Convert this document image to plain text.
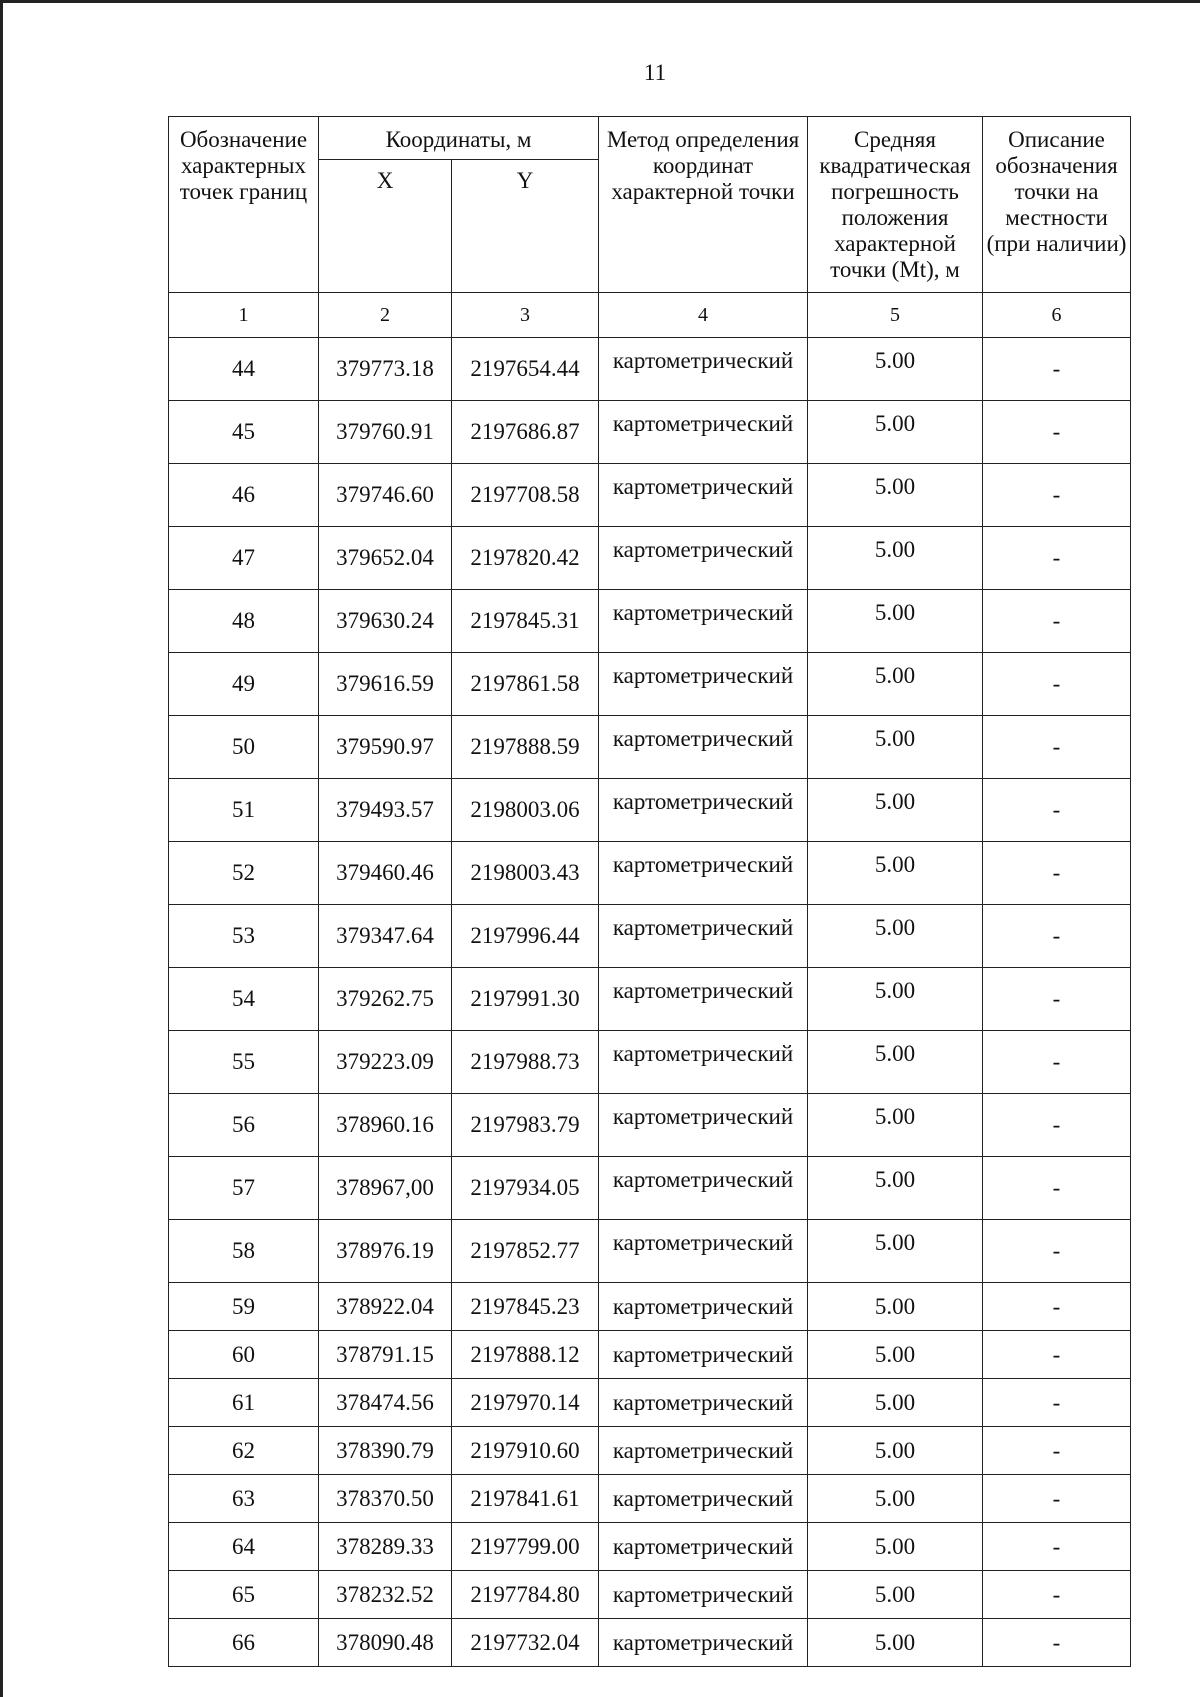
11
Обозначение характерных точек границ	Координаты, м		Метод определения координат характерной точки	Средняя квадратическая погрешность положения характерной точки (Mt), м	Описание обозначения точки на местности (при наличии)
	X	Y			
1	2	3	4	5	6
44	379773.18	2197654.44	картометрический	5.00	-
45	379760.91	2197686.87	картометрический	5.00	-
46	379746.60	2197708.58	картометрический	5.00	-
47	379652.04	2197820.42	картометрический	5.00	-
48	379630.24	2197845.31	картометрический	5.00	-
49	379616.59	2197861.58	картометрический	5.00	-
50	379590.97	2197888.59	картометрический	5.00	-
51	379493.57	2198003.06	картометрический	5.00	-
52	379460.46	2198003.43	картометрический	5.00	-
53	379347.64	2197996.44	картометрический	5.00	-
54	379262.75	2197991.30	картометрический	5.00	-
55	379223.09	2197988.73	картометрический	5.00	-
56	378960.16	2197983.79	картометрический	5.00	-
57	378967,00	2197934.05	картометрический	5.00	-
58	378976.19	2197852.77	картометрический	5.00	-
59	378922.04	2197845.23	картометрический	5.00	-
60	378791.15	2197888.12	картометрический	5.00	-
61	378474.56	2197970.14	картометрический	5.00	-
62	378390.79	2197910.60	картометрический	5.00	-
63	378370.50	2197841.61	картометрический	5.00	-
64	378289.33	2197799.00	картометрический	5.00	-
65	378232.52	2197784.80	картометрический	5.00	-
66	378090.48	2197732.04	картометрический	5.00	-
